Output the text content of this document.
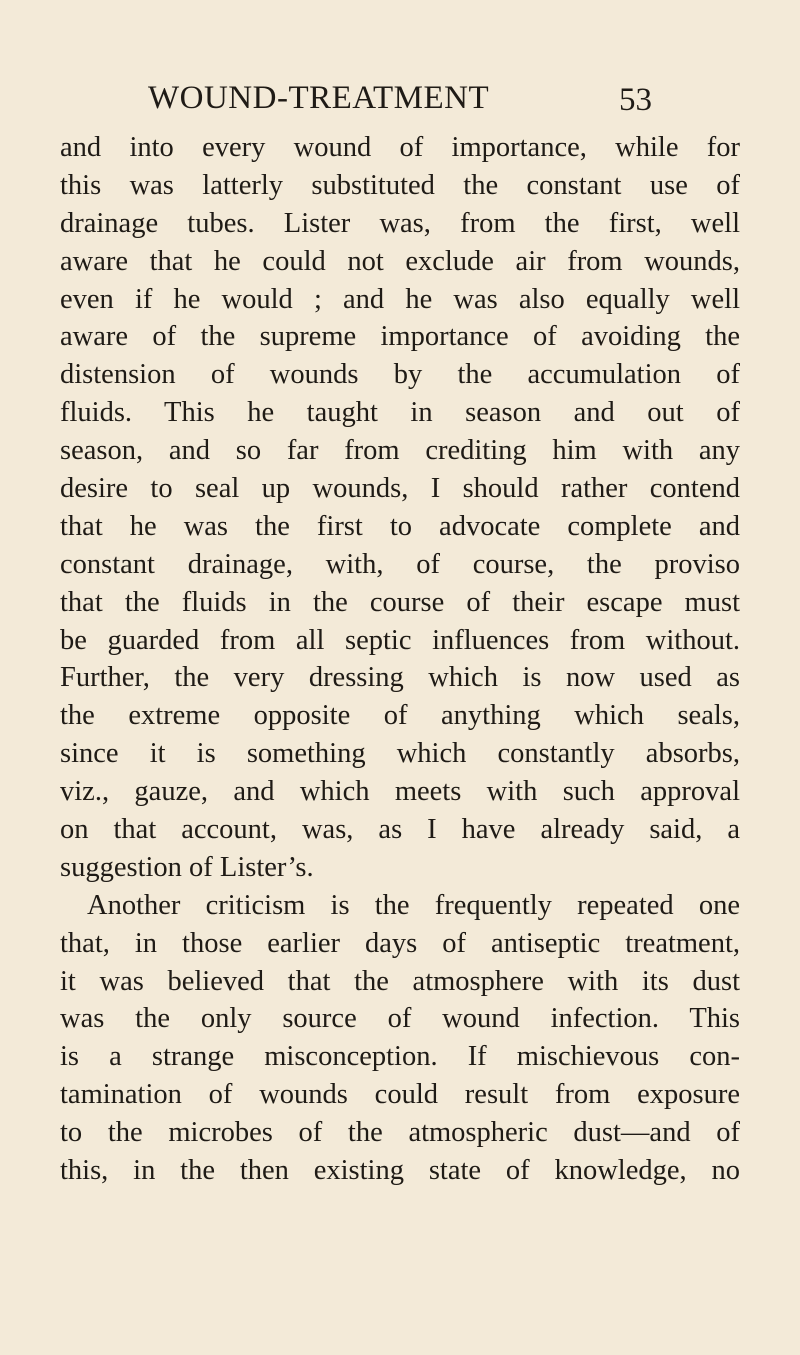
WOUND-TREATMENT	53
and into every wound of importance, while for
this was latterly substituted the constant use of
drainage tubes. Lister was, from the first, well
aware that he could not exclude air from wounds,
even if he would ; and he was also equally well
aware of the supreme importance of avoiding the
distension of wounds by the accumulation of
fluids. This he taught in season and out of
season, and so far from crediting him with any
desire to seal up wounds, I should rather contend
that he was the first to advocate complete and
constant drainage, with, of course, the proviso
that the fluids in the course of their escape must
be guarded from all septic influences from without.
Further, the very dressing which is now used as
the extreme opposite of anything which seals,
since it is something which constantly absorbs,
viz., gauze, and which meets with such approval
on that account, was, as I have already said, a
suggestion of Lister’s.
Another criticism is the frequently repeated one
that, in those earlier days of antiseptic treatment,
it was believed that the atmosphere with its dust
was the only source of wound infection. This
is a strange misconception. If mischievous con-
tamination of wounds could result from exposure
to the microbes of the atmospheric dust—and of
this, in the then existing state of knowledge, no
